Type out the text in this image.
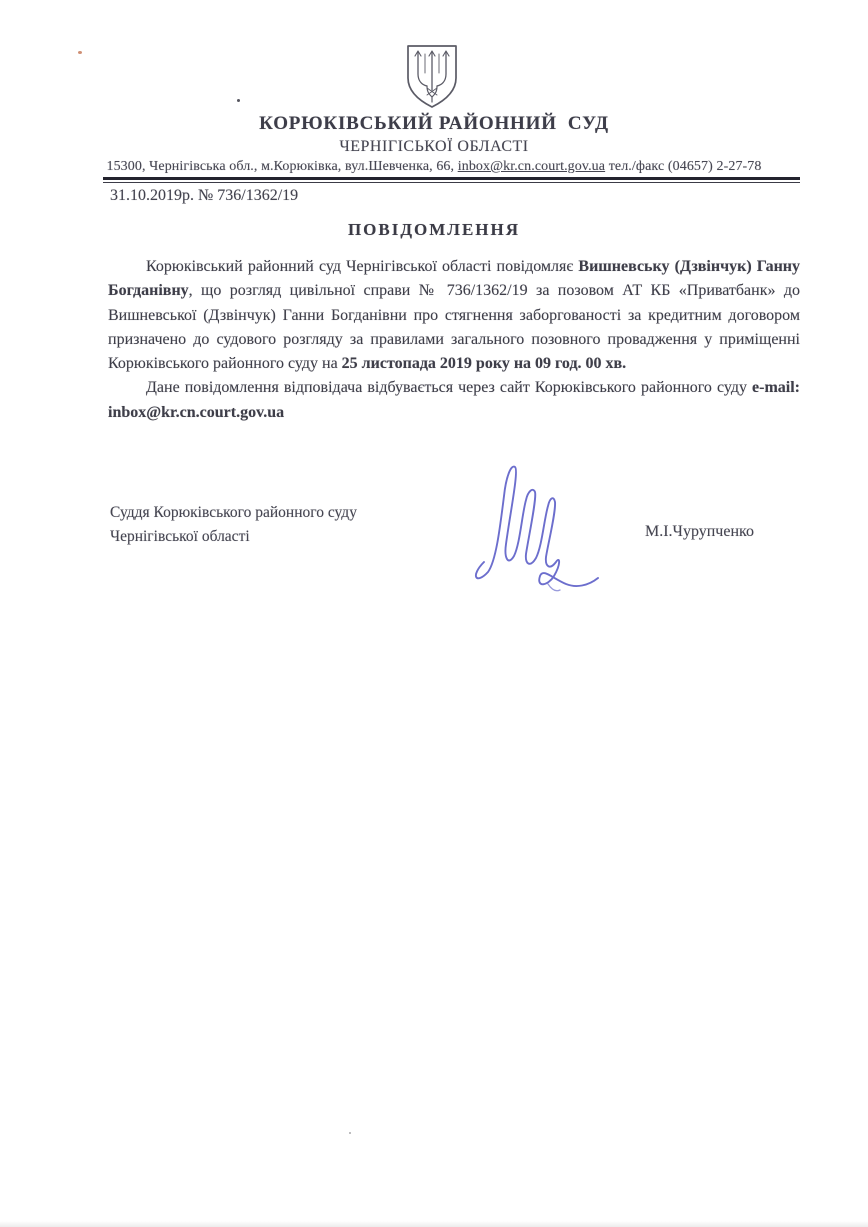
КОРЮКІВСЬКИЙ РАЙОННИЙ  СУД
ЧЕРНІГІСЬКОЇ ОБЛАСТІ
15300, Чернігівська обл., м.Корюківка, вул.Шевченка, 66, inbox@kr.cn.court.gov.ua тел./факс (04657) 2-27-78
31.10.2019р. № 736/1362/19
ПОВІДОМЛЕННЯ

Корюківський районний суд Чернігівської області повідомляє Вишневську (Дзвінчук) Ганну Богданівну, що розгляд цивільної справи № 736/1362/19 за позовом АТ КБ «Приватбанк» до Вишневської (Дзвінчук) Ганни Богданівни про стягнення заборгованості за кредитним договором призначено до судового розгляду за правилами загального позовного провадження у приміщенні Корюківського районного суду на 25 листопада 2019 року на 09 год. 00 хв.

Дане повідомлення відповідача відбувається через сайт Корюківського районного суду e-mail: inbox@kr.cn.court.gov.ua

Суддя Корюківського районного суду
Чернігівської області	М.І.Чурупченко
